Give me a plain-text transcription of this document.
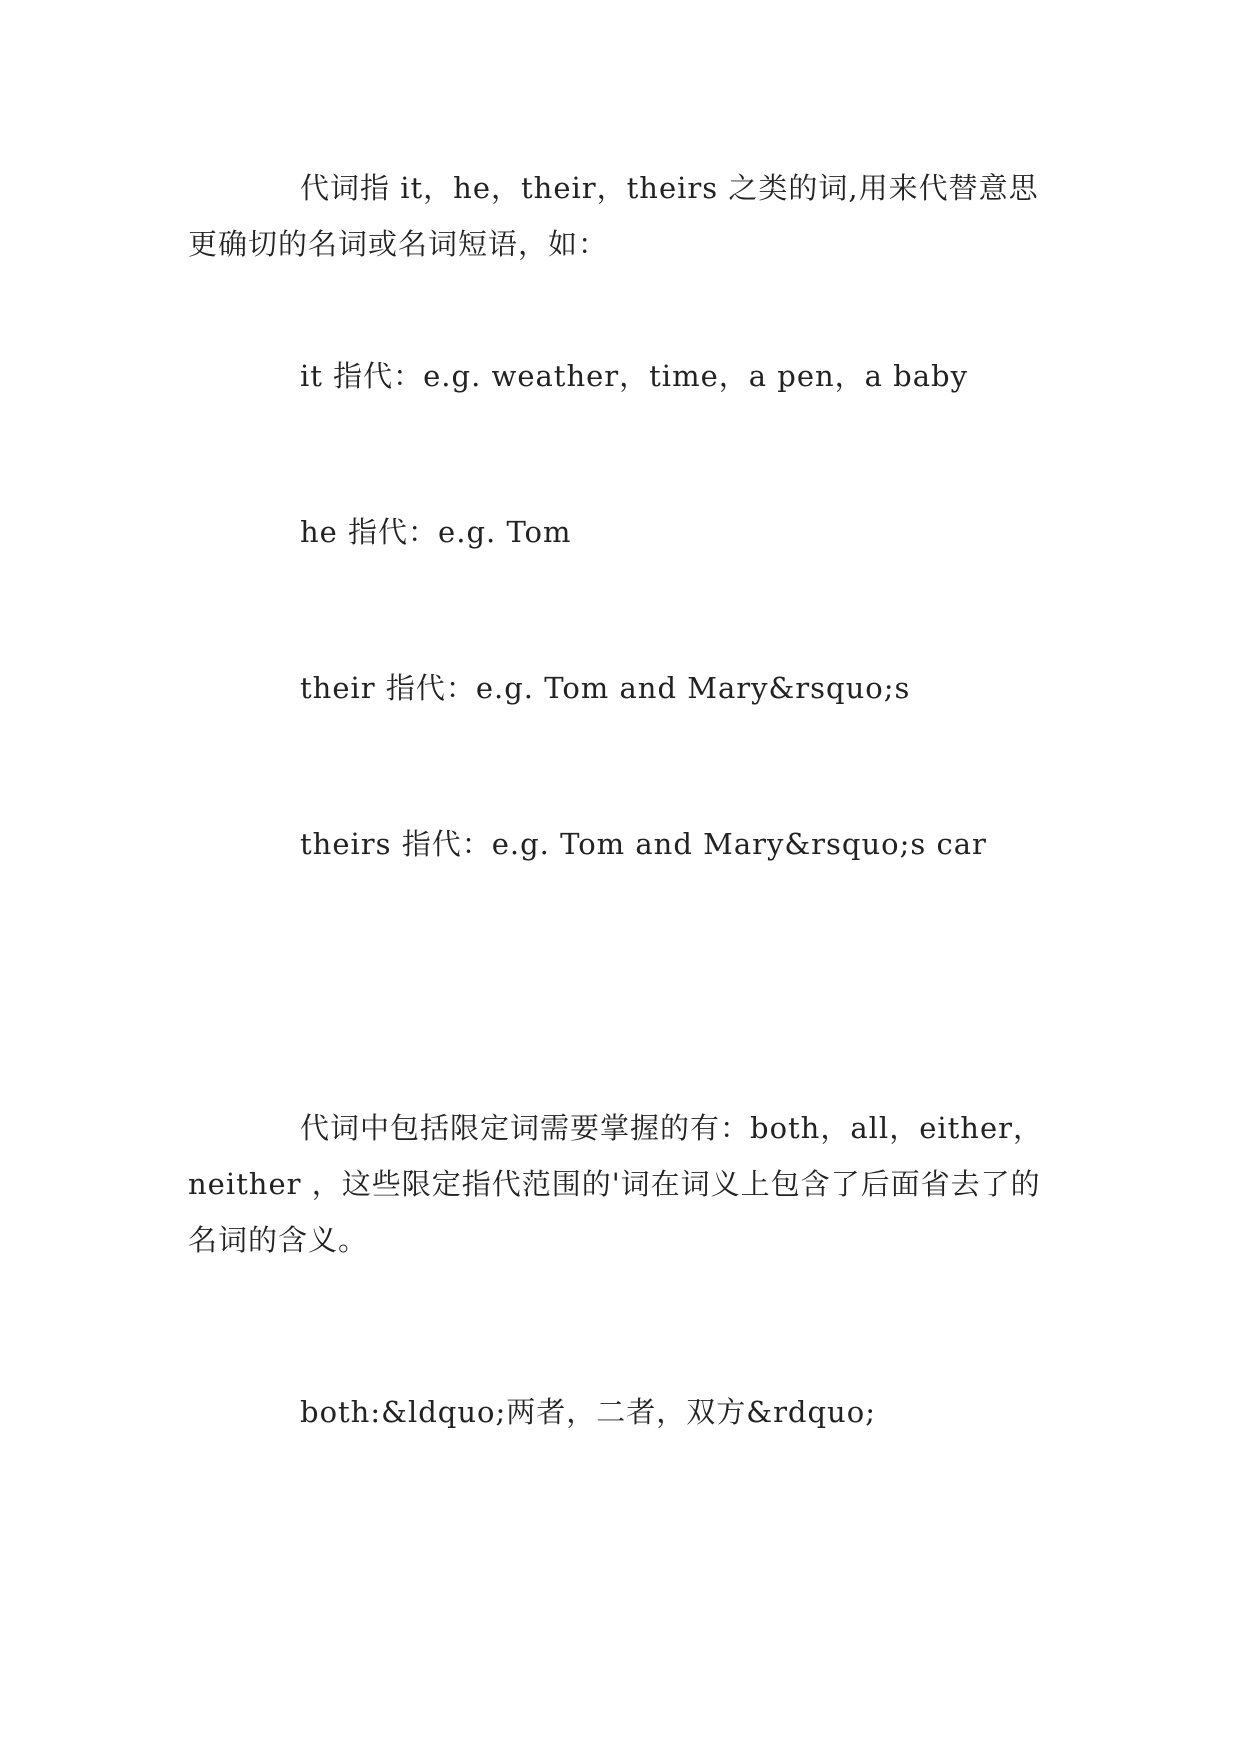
代词指 it，he，their，theirs 之类的词,用来代替意思更确切的名词或名词短语，如：

it 指代：e.g. weather，time，a pen，a baby

he 指代：e.g. Tom

their 指代：e.g. Tom and Mary&rsquo;s

theirs 指代：e.g. Tom and Mary&rsquo;s car

代词中包括限定词需要掌握的有：both，all，either，neither ，这些限定指代范围的'词在词义上包含了后面省去了的名词的含义。

both:&ldquo;两者，二者，双方&rdquo;
